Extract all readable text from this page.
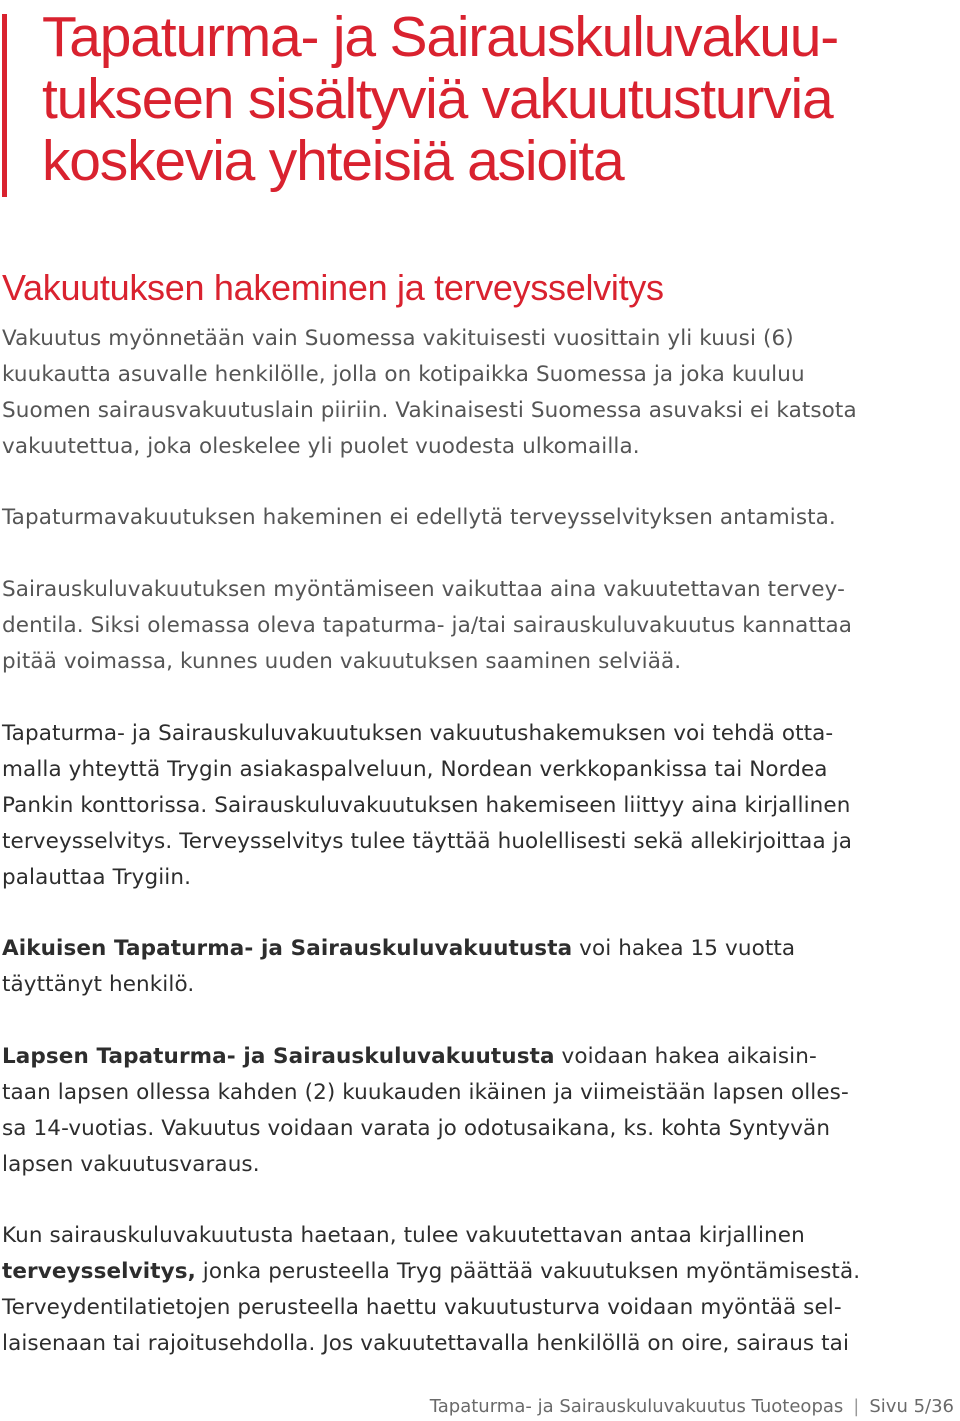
Tapaturma- ja Sairauskuluvakuu-
tukseen sisältyviä vakuutusturvia
koskevia yhteisiä asioita
Vakuutuksen hakeminen ja terveysselvitys

Vakuutus myönnetään vain Suomessa vakituisesti vuosittain yli kuusi (6)
kuukautta asuvalle henkilölle, jolla on kotipaikka Suomessa ja joka kuuluu
Suomen sairausvakuutuslain piiriin. Vakinaisesti Suomessa asuvaksi ei katsota
vakuutettua, joka oleskelee yli puolet vuodesta ulkomailla.

Tapaturmavakuutuksen hakeminen ei edellytä terveysselvityksen antamista.

Sairauskuluvakuutuksen myöntämiseen vaikuttaa aina vakuutettavan tervey-
dentila. Siksi olemassa oleva tapaturma- ja/tai sairauskuluvakuutus kannattaa
pitää voimassa, kunnes uuden vakuutuksen saaminen selviää.

Tapaturma- ja Sairauskuluvakuutuksen vakuutushakemuksen voi tehdä otta-
malla yhteyttä Trygin asiakaspalveluun, Nordean verkkopankissa tai Nordea
Pankin konttorissa. Sairauskuluvakuutuksen hakemiseen liittyy aina kirjallinen
terveysselvitys. Terveysselvitys tulee täyttää huolellisesti sekä allekirjoittaa ja
palauttaa Trygiin.

Aikuisen Tapaturma- ja Sairauskuluvakuutusta voi hakea 15 vuotta
täyttänyt henkilö.

Lapsen Tapaturma- ja Sairauskuluvakuutusta voidaan hakea aikaisin-
taan lapsen ollessa kahden (2) kuukauden ikäinen ja viimeistään lapsen olles-
sa 14-vuotias. Vakuutus voidaan varata jo odotusaikana, ks. kohta Syntyvän
lapsen vakuutusvaraus.

Kun sairauskuluvakuutusta haetaan, tulee vakuutettavan antaa kirjallinen
terveysselvitys, jonka perusteella Tryg päättää vakuutuksen myöntämisestä.
Terveydentilatietojen perusteella haettu vakuutusturva voidaan myöntää sel-
laisenaan tai rajoitusehdolla. Jos vakuutettavalla henkilöllä on oire, sairaus tai

Tapaturma- ja Sairauskuluvakuutus Tuoteopas | Sivu 5/36
